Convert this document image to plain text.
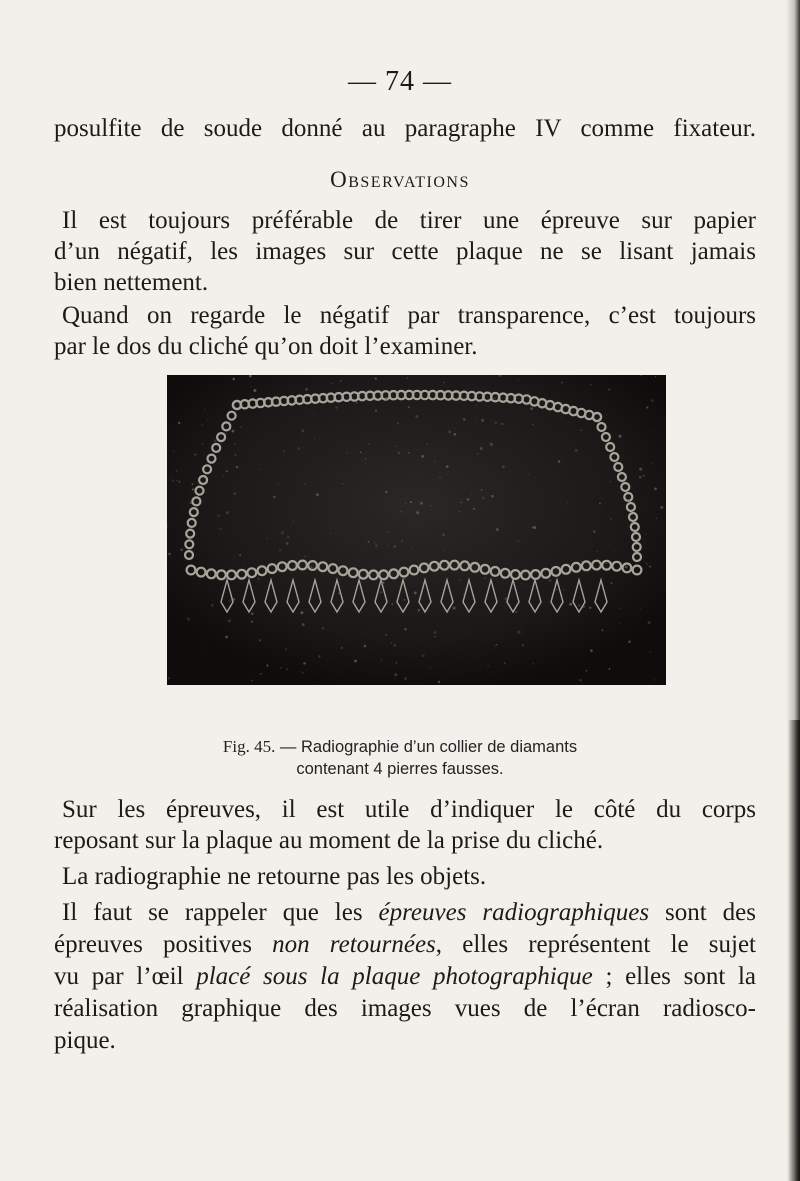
— 74 —
posulfite de soude donné au paragraphe IV comme fixateur.
Observations
Il est toujours préférable de tirer une épreuve sur papier
d’un négatif, les images sur cette plaque ne se lisant jamais
bien nettement.
Quand on regarde le négatif par transparence, c’est toujours
par le dos du cliché qu’on doit l’examiner.
Fig. 45. — Radiographie d’un collier de diamants
contenant 4 pierres fausses.
Sur les épreuves, il est utile d’indiquer le côté du corps
reposant sur la plaque au moment de la prise du cliché.
La radiographie ne retourne pas les objets.
Il faut se rappeler que les épreuves radiographiques sont des
épreuves positives non retournées, elles représentent le sujet
vu par l’œil placé sous la plaque photographique ; elles sont la
réalisation graphique des images vues de l’écran radiosco-
pique.
